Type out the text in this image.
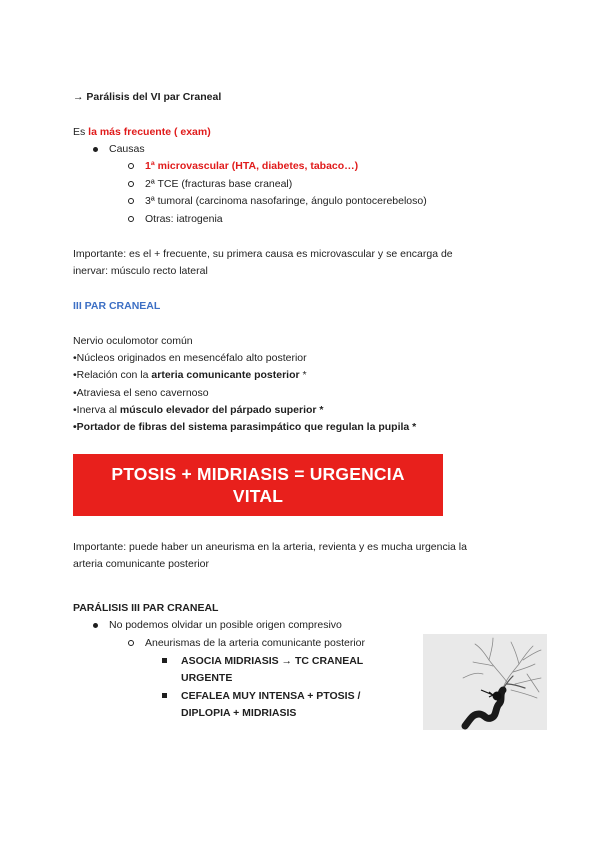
→ Parálisis del VI par Craneal
Es la más frecuente ( exam)
Causas
1ª microvascular (HTA, diabetes, tabaco…)
2ª TCE (fracturas base craneal)
3ª tumoral (carcinoma nasofaringe, ángulo pontocerebeloso)
Otras: iatrogenia
Importante: es el + frecuente, su primera causa es microvascular y se encarga de
inervar: músculo recto lateral
III PAR CRANEAL
Nervio oculomotor común
•Núcleos originados en mesencéfalo alto posterior
•Relación con la arteria comunicante posterior *
•Atraviesa el seno cavernoso
•Inerva al músculo elevador del párpado superior *
•Portador de fibras del sistema parasimpático que regulan la pupila *
PTOSIS + MIDRIASIS = URGENCIA
VITAL
Importante: puede haber un aneurisma en la arteria, revienta y es mucha urgencia la
arteria comunicante posterior
PARÁLISIS III PAR CRANEAL
No podemos olvidar un posible origen compresivo
Aneurismas de la arteria comunicante posterior
ASOCIA MIDRIASIS → TC CRANEAL
URGENTE
CEFALEA MUY INTENSA + PTOSIS /
DIPLOPIA + MIDRIASIS
